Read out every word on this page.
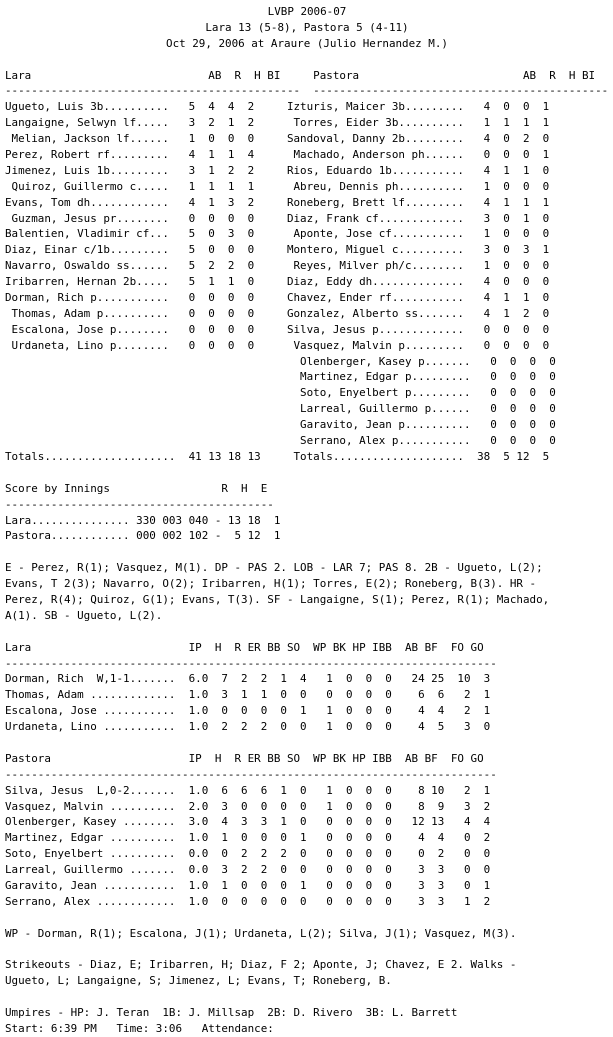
LVBP 2006-07
Lara 13 (5-8), Pastora 5 (4-11)
Oct 29, 2006 at Araure (Julio Hernandez M.)
Lara                           AB  R  H BI     Pastora                         AB  R  H BI
---------------------------------------------  ---------------------------------------------
Ugueto, Luis 3b..........   5  4  4  2     Izturis, Maicer 3b.........   4  0  0  1
Langaigne, Selwyn lf.....   3  2  1  2      Torres, Eider 3b..........   1  1  1  1
Melian, Jackson lf......   1  0  0  0     Sandoval, Danny 2b.........   4  0  2  0
Perez, Robert rf.........   4  1  1  4      Machado, Anderson ph......   0  0  0  1
Jimenez, Luis 1b.........   3  1  2  2     Rios, Eduardo 1b...........   4  1  1  0
Quiroz, Guillermo c.....   1  1  1  1      Abreu, Dennis ph..........   1  0  0  0
Evans, Tom dh............   4  1  3  2     Roneberg, Brett lf.........   4  1  1  1
Guzman, Jesus pr........   0  0  0  0     Diaz, Frank cf.............   3  0  1  0
Balentien, Vladimir cf...   5  0  3  0      Aponte, Jose cf...........   1  0  0  0
Diaz, Einar c/1b.........   5  0  0  0     Montero, Miguel c..........   3  0  3  1
Navarro, Oswaldo ss......   5  2  2  0      Reyes, Milver ph/c........   1  0  0  0
Iribarren, Hernan 2b.....   5  1  1  0     Diaz, Eddy dh..............   4  0  0  0
Dorman, Rich p...........   0  0  0  0     Chavez, Ender rf...........   4  1  1  0
Thomas, Adam p..........   0  0  0  0     Gonzalez, Alberto ss.......   4  1  2  0
Escalona, Jose p........   0  0  0  0     Silva, Jesus p.............   0  0  0  0
Urdaneta, Lino p........   0  0  0  0      Vasquez, Malvin p.........   0  0  0  0
Olenberger, Kasey p.......   0  0  0  0
Martinez, Edgar p.........   0  0  0  0
Soto, Enyelbert p.........   0  0  0  0
Larreal, Guillermo p......   0  0  0  0
Garavito, Jean p..........   0  0  0  0
Serrano, Alex p...........   0  0  0  0
Totals....................  41 13 18 13     Totals....................  38  5 12  5
Score by Innings                 R  H  E
-----------------------------------------
Lara............... 330 003 040 - 13 18  1
Pastora............ 000 002 102 -  5 12  1
E - Perez, R(1); Vasquez, M(1). DP - PAS 2. LOB - LAR 7; PAS 8. 2B - Ugueto, L(2);
Evans, T 2(3); Navarro, O(2); Iribarren, H(1); Torres, E(2); Roneberg, B(3). HR -
Perez, R(4); Quiroz, G(1); Evans, T(3). SF - Langaigne, S(1); Perez, R(1); Machado,
A(1). SB - Ugueto, L(2).
Lara                        IP  H  R ER BB SO  WP BK HP IBB  AB BF  FO GO
---------------------------------------------------------------------------
Dorman, Rich  W,1-1.......  6.0  7  2  2  1  4   1  0  0  0   24 25  10  3
Thomas, Adam .............  1.0  3  1  1  0  0   0  0  0  0    6  6   2  1
Escalona, Jose ...........  1.0  0  0  0  0  1   1  0  0  0    4  4   2  1
Urdaneta, Lino ...........  1.0  2  2  2  0  0   1  0  0  0    4  5   3  0
Pastora                     IP  H  R ER BB SO  WP BK HP IBB  AB BF  FO GO
---------------------------------------------------------------------------
Silva, Jesus  L,0-2.......  1.0  6  6  6  1  0   1  0  0  0    8 10   2  1
Vasquez, Malvin ..........  2.0  3  0  0  0  0   1  0  0  0    8  9   3  2
Olenberger, Kasey ........  3.0  4  3  3  1  0   0  0  0  0   12 13   4  4
Martinez, Edgar ..........  1.0  1  0  0  0  1   0  0  0  0    4  4   0  2
Soto, Enyelbert ..........  0.0  0  2  2  2  0   0  0  0  0    0  2   0  0
Larreal, Guillermo .......  0.0  3  2  2  0  0   0  0  0  0    3  3   0  0
Garavito, Jean ...........  1.0  1  0  0  0  1   0  0  0  0    3  3   0  1
Serrano, Alex ............  1.0  0  0  0  0  0   0  0  0  0    3  3   1  2
WP - Dorman, R(1); Escalona, J(1); Urdaneta, L(2); Silva, J(1); Vasquez, M(3).
Strikeouts - Diaz, E; Iribarren, H; Diaz, F 2; Aponte, J; Chavez, E 2. Walks -
Ugueto, L; Langaigne, S; Jimenez, L; Evans, T; Roneberg, B.
Umpires - HP: J. Teran  1B: J. Millsap  2B: D. Rivero  3B: L. Barrett
Start: 6:39 PM   Time: 3:06   Attendance:
